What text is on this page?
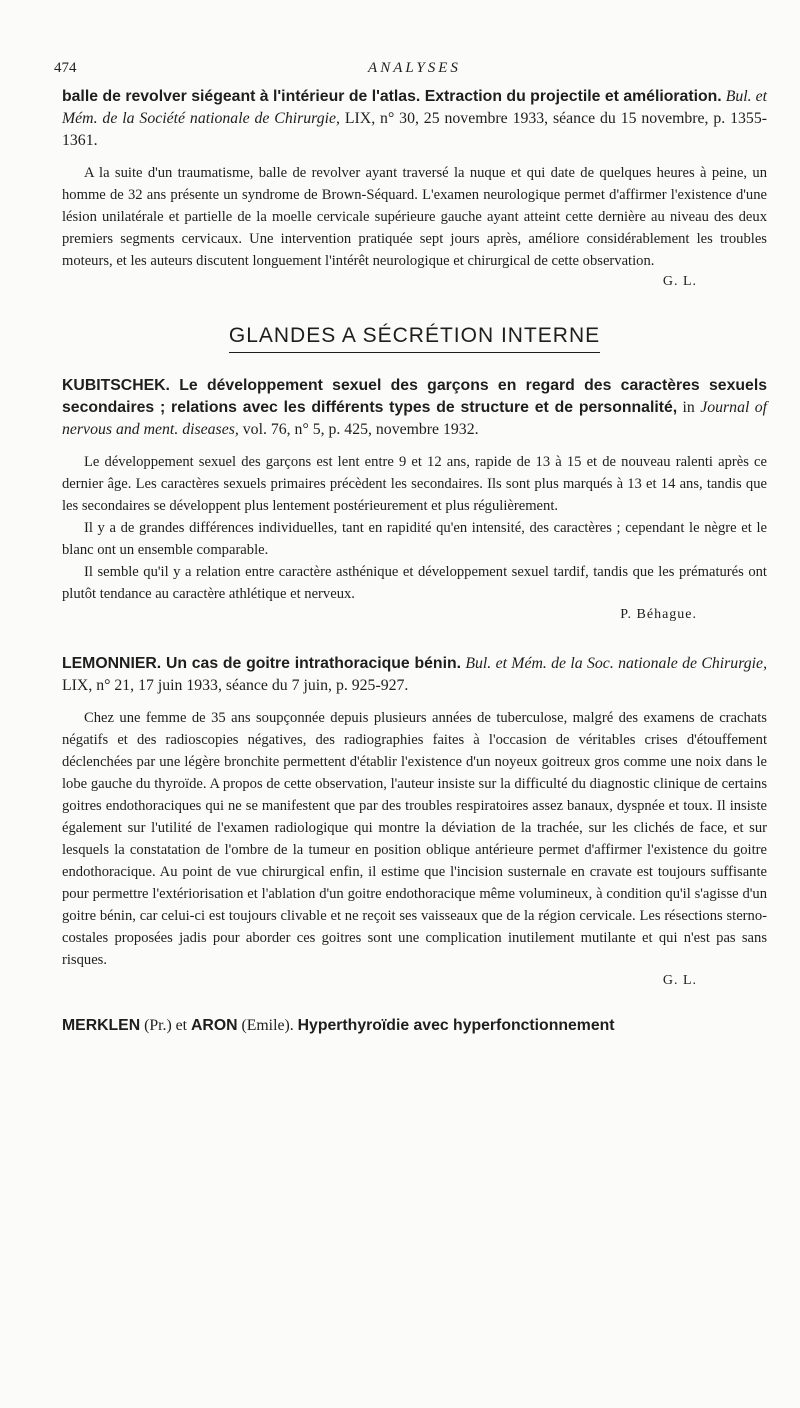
474	ANALYSES
balle de revolver siégeant à l'intérieur de l'atlas. Extraction du projectile et amélioration. Bul. et Mém. de la Société nationale de Chirurgie, LIX, n° 30, 25 novembre 1933, séance du 15 novembre, p. 1355-1361.

A la suite d'un traumatisme, balle de revolver ayant traversé la nuque et qui date de quelques heures à peine, un homme de 32 ans présente un syndrome de Brown-Séquard. L'examen neurologique permet d'affirmer l'existence d'une lésion unilatérale et partielle de la moelle cervicale supérieure gauche ayant atteint cette dernière au niveau des deux premiers segments cervicaux. Une intervention pratiquée sept jours après, améliore considérablement les troubles moteurs, et les auteurs discutent longuement l'intérêt neurologique et chirurgical de cette observation.

G. L.
GLANDES A SÉCRÉTION INTERNE
KUBITSCHEK. Le développement sexuel des garçons en regard des caractères sexuels secondaires ; relations avec les différents types de structure et de personnalité, in Journal of nervous and ment. diseases, vol. 76, n° 5, p. 425, novembre 1932.

Le développement sexuel des garçons est lent entre 9 et 12 ans, rapide de 13 à 15 et de nouveau ralenti après ce dernier âge. Les caractères sexuels primaires précèdent les secondaires. Ils sont plus marqués à 13 et 14 ans, tandis que les secondaires se développent plus lentement postérieurement et plus régulièrement.

Il y a de grandes différences individuelles, tant en rapidité qu'en intensité, des caractères ; cependant le nègre et le blanc ont un ensemble comparable.

Il semble qu'il y a relation entre caractère asthénique et développement sexuel tardif, tandis que les prématurés ont plutôt tendance au caractère athlétique et nerveux.

P. Béhague.
LEMONNIER. Un cas de goitre intrathoracique bénin. Bul. et Mém. de la Soc. nationale de Chirurgie, LIX, n° 21, 17 juin 1933, séance du 7 juin, p. 925-927.

Chez une femme de 35 ans soupçonnée depuis plusieurs années de tuberculose, malgré des examens de crachats négatifs et des radioscopies négatives, des radiographies faites à l'occasion de véritables crises d'étouffement déclenchées par une légère bronchite permettent d'établir l'existence d'un noyeux goitreux gros comme une noix dans le lobe gauche du thyroïde. A propos de cette observation, l'auteur insiste sur la difficulté du diagnostic clinique de certains goitres endothoraciques qui ne se manifestent que par des troubles respiratoires assez banaux, dyspnée et toux. Il insiste également sur l'utilité de l'examen radiologique qui montre la déviation de la trachée, sur les clichés de face, et sur lesquels la constatation de l'ombre de la tumeur en position oblique antérieure permet d'affirmer l'existence du goitre endothoracique. Au point de vue chirurgical enfin, il estime que l'incision susternale en cravate est toujours suffisante pour permettre l'extériorisation et l'ablation d'un goitre endothoracique même volumineux, à condition qu'il s'agisse d'un goitre bénin, car celui-ci est toujours clivable et ne reçoit ses vaisseaux que de la région cervicale. Les résections sterno-costales proposées jadis pour aborder ces goitres sont une complication inutilement mutilante et qui n'est pas sans risques.

G. L.
MERKLEN (Pr.) et ARON (Emile). Hyperthyroïdie avec hyperfonctionnement
